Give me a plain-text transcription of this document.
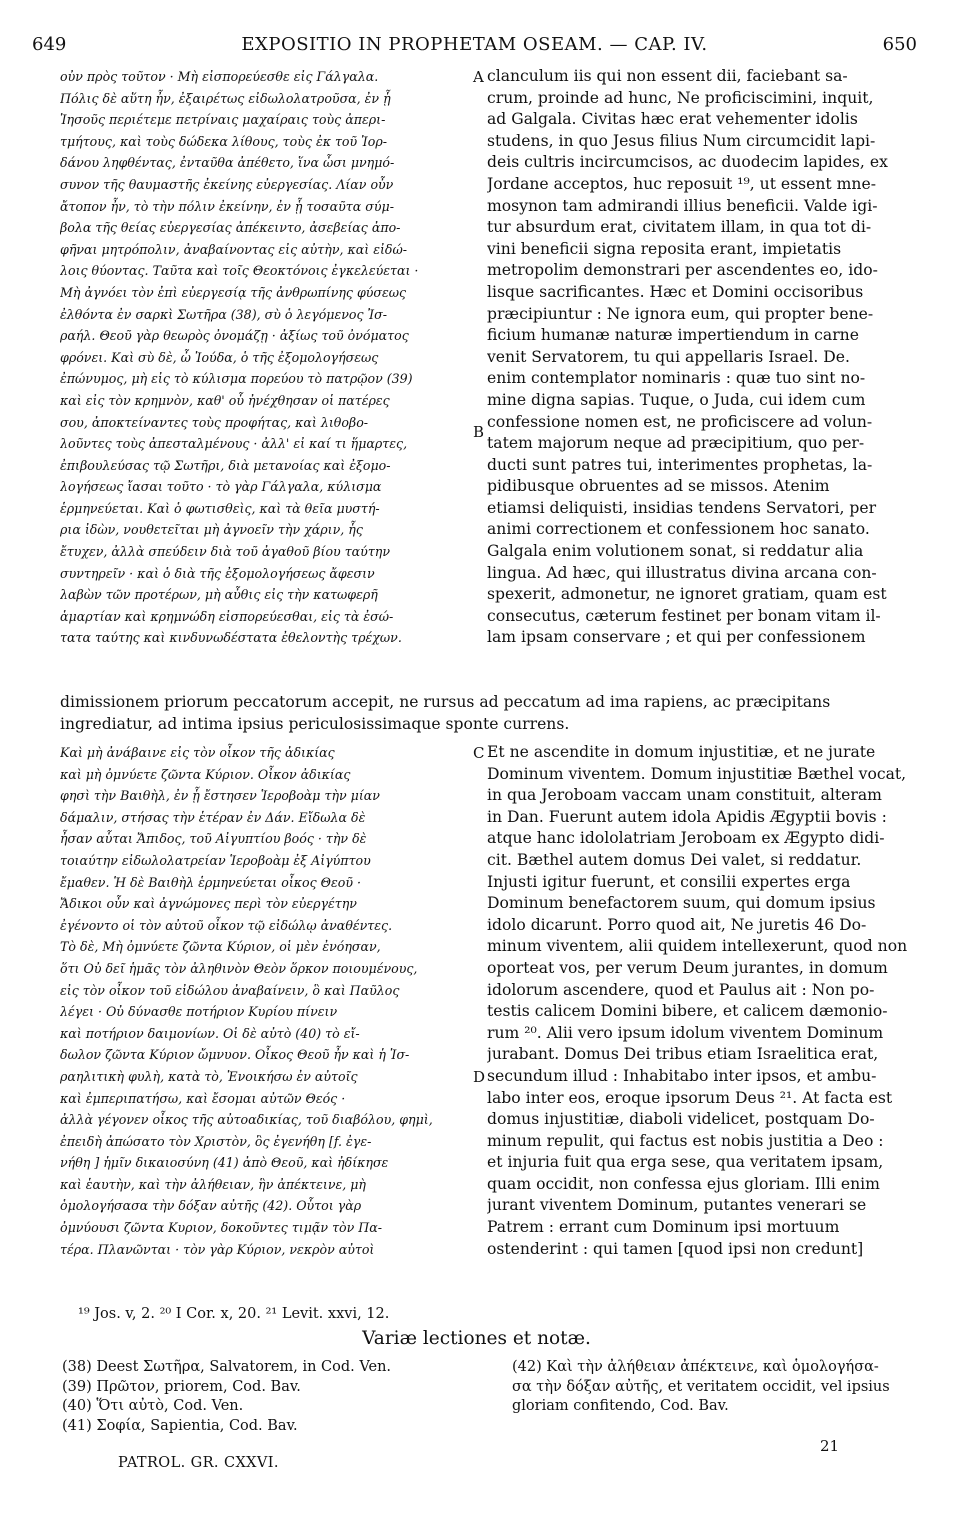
649	EXPOSITIO IN PROPHETAM OSEAM. — CAP. IV.	650
οὐν πρὸς τοῦτον · Μὴ εἰσπορεύεσθε εἰς Γάλγαλα.
Πόλις δὲ αὕτη ἦν, ἐξαιρέτως εἰδωλολατροῦσα, ἐν ᾗ
Ἰησοῦς περιέτεμε πετρίναις μαχαίραις τοὺς ἀπερι-
τμήτους, καὶ τοὺς δώδεκα λίθους, τοὺς ἐκ τοῦ Ἰορ-
δάνου ληφθέντας, ἐνταῦθα ἀπέθετο, ἵνα ὦσι μνημό-
συνον τῆς θαυμαστῆς ἐκείνης εὐεργεσίας. Λίαν οὖν
ἄτοπον ἦν, τὸ τὴν πόλιν ἐκείνην, ἐν ᾗ τοσαῦτα σύμ-
βολα τῆς θείας εὐεργεσίας ἀπέκειντο, ἀσεβείας ἀπο-
φῆναι μητρόπολιν, ἀναβαίνοντας εἰς αὐτὴν, καὶ εἰδώ-
λοις θύοντας. Ταῦτα καὶ τοῖς Θεοκτόνοις ἐγκελεύεται ·
Μὴ ἀγνόει τὸν ἐπὶ εὐεργεσίᾳ τῆς ἀνθρωπίνης φύσεως
ἐλθόντα ἐν σαρκὶ Σωτῆρα (38), σὺ ὁ λεγόμενος Ἰσ-
ραήλ. Θεοῦ γὰρ θεωρὸς ὀνομάζῃ · ἀξίως τοῦ ὀνόματος
φρόνει. Καὶ σὺ δὲ, ὦ Ἰούδα, ὁ τῆς ἐξομολογήσεως
ἐπώνυμος, μὴ εἰς τὸ κύλισμα πορεύου τὸ πατρῷον (39)
καὶ εἰς τὸν κρημνὸν, καθ' οὗ ἠνέχθησαν οἱ πατέρες
σου, ἀποκτείναντες τοὺς προφήτας, καὶ λιθοβο-
λοῦντες τοὺς ἀπεσταλμένους · ἀλλ' εἰ καί τι ἥμαρτες,
ἐπιβουλεύσας τῷ Σωτῆρι, διὰ μετανοίας καὶ ἐξομο-
λογήσεως ἴασαι τοῦτο · τὸ γὰρ Γάλγαλα, κύλισμα
ἑρμηνεύεται. Καὶ ὁ φωτισθεὶς, καὶ τὰ θεῖα μυστή-
ρια ἰδὼν, νουθετεῖται μὴ ἀγνοεῖν τὴν χάριν, ἧς
ἔτυχεν, ἀλλὰ σπεύδειν διὰ τοῦ ἀγαθοῦ βίου ταύτην
συντηρεῖν · καὶ ὁ διὰ τῆς ἐξομολογήσεως ἄφεσιν
λαβὼν τῶν προτέρων, μὴ αὖθις εἰς τὴν κατωφερῆ
ἁμαρτίαν καὶ κρημνώδη εἰσπορεύεσθαι, εἰς τὰ ἐσώ-
τατα ταύτης καὶ κινδυνωδέστατα ἐθελοντὴς τρέχων.
clanculum iis qui non essent dii, faciebant sa-
crum, proinde ad hunc, Ne proficiscimini, inquit,
ad Galgala. Civitas hæc erat vehementer idolis
studens, in quo Jesus filius Num circumcidit lapi-
deis cultris incircumcisos, ac duodecim lapides, ex
Jordane acceptos, huc reposuit ¹⁹, ut essent mne-
mosynon tam admirandi illius beneficii. Valde igi-
tur absurdum erat, civitatem illam, in qua tot di-
vini beneficii signa reposita erant, impietatis
metropolim demonstrari per ascendentes eo, ido-
lisque sacrificantes. Hæc et Domini occisoribus
præcipiuntur : Ne ignora eum, qui propter bene-
ficium humanæ naturæ impertiendum in carne
venit Servatorem, tu qui appellaris Israel. De.
enim contemplator nominaris : quæ tuo sint no-
mine digna sapias. Tuque, o Juda, cui idem cum
confessione nomen est, ne proficiscere ad volun-
tatem majorum neque ad præcipitium, quo per-
ducti sunt patres tui, interimentes prophetas, la-
pidibusque obruentes ad se missos. Atenim
etiamsi deliquisti, insidias tendens Servatori, per
animi correctionem et confessionem hoc sanato.
Galgala enim volutionem sonat, si reddatur alia
lingua. Ad hæc, qui illustratus divina arcana con-
spexerit, admonetur, ne ignoret gratiam, quam est
consecutus, cæterum festinet per bonam vitam il-
lam ipsam conservare ; et qui per confessionem
A
B
dimissionem priorum peccatorum accepit, ne rursus ad peccatum ad ima rapiens, ac præcipitans
ingrediatur, ad intima ipsius periculosissimaque sponte currens.
Καὶ μὴ ἀνάβαινε εἰς τὸν οἶκον τῆς ἀδικίας
καὶ μὴ ὀμνύετε ζῶντα Κύριον. Οἶκον ἀδικίας
φησὶ τὴν Βαιθὴλ, ἐν ᾗ ἔστησεν Ἱεροβοὰμ τὴν μίαν
δάμαλιν, στήσας τὴν ἑτέραν ἐν Δάν. Εἴδωλα δὲ
ἦσαν αὗται Ἄπιδος, τοῦ Αἰγυπτίου βοός · τὴν δὲ
τοιαύτην εἰδωλολατρείαν Ἱεροβοὰμ ἐξ Αἰγύπτου
ἔμαθεν. Ἡ δὲ Βαιθὴλ ἑρμηνεύεται οἶκος Θεοῦ ·
Ἄδικοι οὖν καὶ ἀγνώμονες περὶ τὸν εὐεργέτην
ἐγένοντο οἱ τὸν αὐτοῦ οἶκον τῷ εἰδώλῳ ἀναθέντες.
Τὸ δὲ, Μὴ ὀμνύετε ζῶντα Κύριον, οἱ μὲν ἐνόησαν,
ὅτι Οὐ δεῖ ἡμᾶς τὸν ἀληθινὸν Θεὸν ὅρκον ποιουμένους,
εἰς τὸν οἶκον τοῦ εἰδώλου ἀναβαίνειν, ὃ καὶ Παῦλος
λέγει · Οὐ δύνασθε ποτήριον Κυρίου πίνειν
καὶ ποτήριον δαιμονίων. Οἱ δὲ αὐτὸ (40) τὸ εἴ-
δωλον ζῶντα Κύριον ὤμνυον. Οἶκος Θεοῦ ἦν καὶ ἡ Ἰσ-
ραηλιτικὴ φυλὴ, κατὰ τὸ, Ἐνοικήσω ἐν αὐτοῖς
καὶ ἐμπεριπατήσω, καὶ ἔσομαι αὐτῶν Θεός ·
ἀλλὰ γέγονεν οἶκος τῆς αὐτοαδικίας, τοῦ διαβόλου, φημὶ,
ἐπειδὴ ἀπώσατο τὸν Χριστὸν, ὃς ἐγενήθη [f. ἐγε-
νήθη ] ἡμῖν δικαιοσύνη (41) ἀπὸ Θεοῦ, καὶ ἠδίκησε
καὶ ἑαυτὴν, καὶ τὴν ἀλήθειαν, ἣν ἀπέκτεινε, μὴ
ὁμολογήσασα τὴν δόξαν αὐτῆς (42). Οὗτοι γὰρ
ὀμνύουσι ζῶντα Κυριον, δοκοῦντες τιμᾷν τὸν Πα-
τέρα. Πλανῶνται · τὸν γὰρ Κύριον, νεκρὸν αὐτοὶ
Et ne ascendite in domum injustitiæ, et ne jurate
Dominum viventem. Domum injustitiæ Bæthel vocat,
in qua Jeroboam vaccam unam constituit, alteram
in Dan. Fuerunt autem idola Apidis Ægyptii bovis :
atque hanc idololatriam Jeroboam ex Ægypto didi-
cit. Bæthel autem domus Dei valet, si reddatur.
Injusti igitur fuerunt, et consilii expertes erga
Dominum benefactorem suum, qui domum ipsius
idolo dicarunt. Porro quod ait, Ne juretis 46 Do-
minum viventem, alii quidem intellexerunt, quod non
oporteat vos, per verum Deum jurantes, in domum
idolorum ascendere, quod et Paulus ait : Non po-
testis calicem Domini bibere, et calicem dæmonio-
rum ²⁰. Alii vero ipsum idolum viventem Dominum
jurabant. Domus Dei tribus etiam Israelitica erat,
secundum illud : Inhabitabo inter ipsos, et ambu-
labo inter eos, eroque ipsorum Deus ²¹. At facta est
domus injustitiæ, diaboli videlicet, postquam Do-
minum repulit, qui factus est nobis justitia a Deo :
et injuria fuit qua erga sese, qua veritatem ipsam,
quam occidit, non confessa ejus gloriam. Illi enim
jurant viventem Dominum, putantes venerari se
Patrem : errant cum Dominum ipsi mortuum
ostenderint : qui tamen [quod ipsi non credunt]
C
D
¹⁹ Jos. v, 2. ²⁰ I Cor. x, 20. ²¹ Levit. xxvi, 12.
Variæ lectiones et notæ.
(38) Deest Σωτῆρα, Salvatorem, in Cod. Ven.
(39) Πρῶτον, priorem, Cod. Bav.
(40) Ὅτι αὐτὸ, Cod. Ven.
(41) Σοφία, Sapientia, Cod. Bav.
(42) Καὶ τὴν ἀλήθειαν ἀπέκτεινε, καὶ ὁμολογήσα-
σα τὴν δόξαν αὐτῆς, et veritatem occidit, vel ipsius
gloriam confitendo, Cod. Bav.
PATROL. GR. CXXVI.
21
